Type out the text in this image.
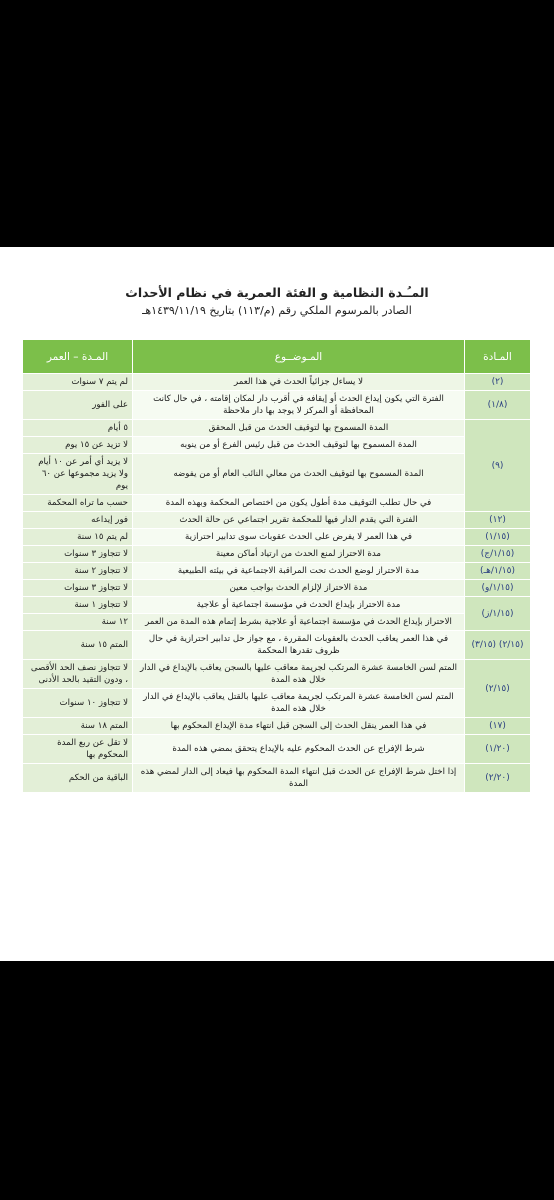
المـُـدة النظامية و الفئة العمرية في نظام الأحداث
الصادر بالمرسوم الملكي رقم (م/١١٣) بتاريخ ١٤٣٩/١١/١٩هـ
المـادة	المـوضــوع	المـدة – العمر
(٢)	لا يساءل جزائياً الحدث في هذا العمر	لم يتم ٧ سنوات
(١/٨)	الفترة التي يكون إيداع الحدث أو إيقافه في أقرب دار لمكان إقامته ، في حال كانت المحافظة أو المركز لا يوجد بها دار ملاحظة	على الفور
(٩)	المدة المسموح بها لتوقيف الحدث من قبل المحقق	٥ أيام
	المدة المسموح بها لتوقيف الحدث من قبل رئيس الفرع أو من ينوبه	لا تزيد عن ١٥ يوم
	المدة المسموح بها لتوقيف الحدث من معالي النائب العام أو من يفوضه	لا يزيد أي أمر عن ١٠ أيام ولا يزيد مجموعها عن ٦٠ يوم
	في حال تطلب التوقيف مدة أطول يكون من اختصاص المحكمة وبهذه المدة	حسب ما تراه المحكمة
(١٢)	الفترة التي يقدم الدار فيها للمحكمة تقرير اجتماعي عن حالة الحدث	فور إيداعه
(١/١٥)	في هذا العمر لا يفرض على الحدث عقوبات سوى تدابير احترازية	لم يتم ١٥ سنة
(١/١٥/ج)	مدة الاحتراز لمنع الحدث من ارتياد أماكن معينة	لا تتجاوز ٣ سنوات
(١/١٥/هـ)	مدة الاحتراز لوضع الحدث تحت المراقبة الاجتماعية في بيئته الطبيعية	لا تتجاوز ٢ سنة
(١/١٥/و)	مدة الاحتراز لإلزام الحدث بواجب معين	لا تتجاوز ٣ سنوات
(١/١٥/ز)	مدة الاحتراز بإيداع الحدث في مؤسسة اجتماعية أو علاجية	لا تتجاوز ١ سنة
	الاحتراز بإيداع الحدث في مؤسسة اجتماعية أو علاجية بشرط إتمام هذه المدة من العمر	١٢ سنة
(٢/١٥) (٣/١٥)	في هذا العمر يعاقب الحدث بالعقوبات المقررة ، مع جواز حل تدابير احترازية في حال ظروف تقدرها المحكمة	المتم ١٥ سنة
(٢/١٥)	المتم لسن الخامسة عشرة المرتكب لجريمة معاقب عليها بالسجن يعاقب بالإيداع في الدار خلال هذه المدة	لا تتجاوز نصف الحد الأقصى ، ودون التقيد بالحد الأدنى
	المتم لسن الخامسة عشرة المرتكب لجريمة معاقب عليها بالقتل يعاقب بالإيداع في الدار خلال هذه المدة	لا تتجاوز ١٠ سنوات
(١٧)	في هذا العمر ينقل الحدث إلى السجن قبل انتهاء مدة الإيداع المحكوم بها	المتم ١٨ سنة
(١/٢٠)	شرط الإفراج عن الحدث المحكوم عليه بالإيداع يتحقق بمضي هذه المدة	لا تقل عن ربع المدة المحكوم بها
(٢/٢٠)	إذا اختل شرط الإفراج عن الحدث قبل انتهاء المدة المحكوم بها فيعاد إلى الدار لمضي هذه المدة	الباقية من الحكم
